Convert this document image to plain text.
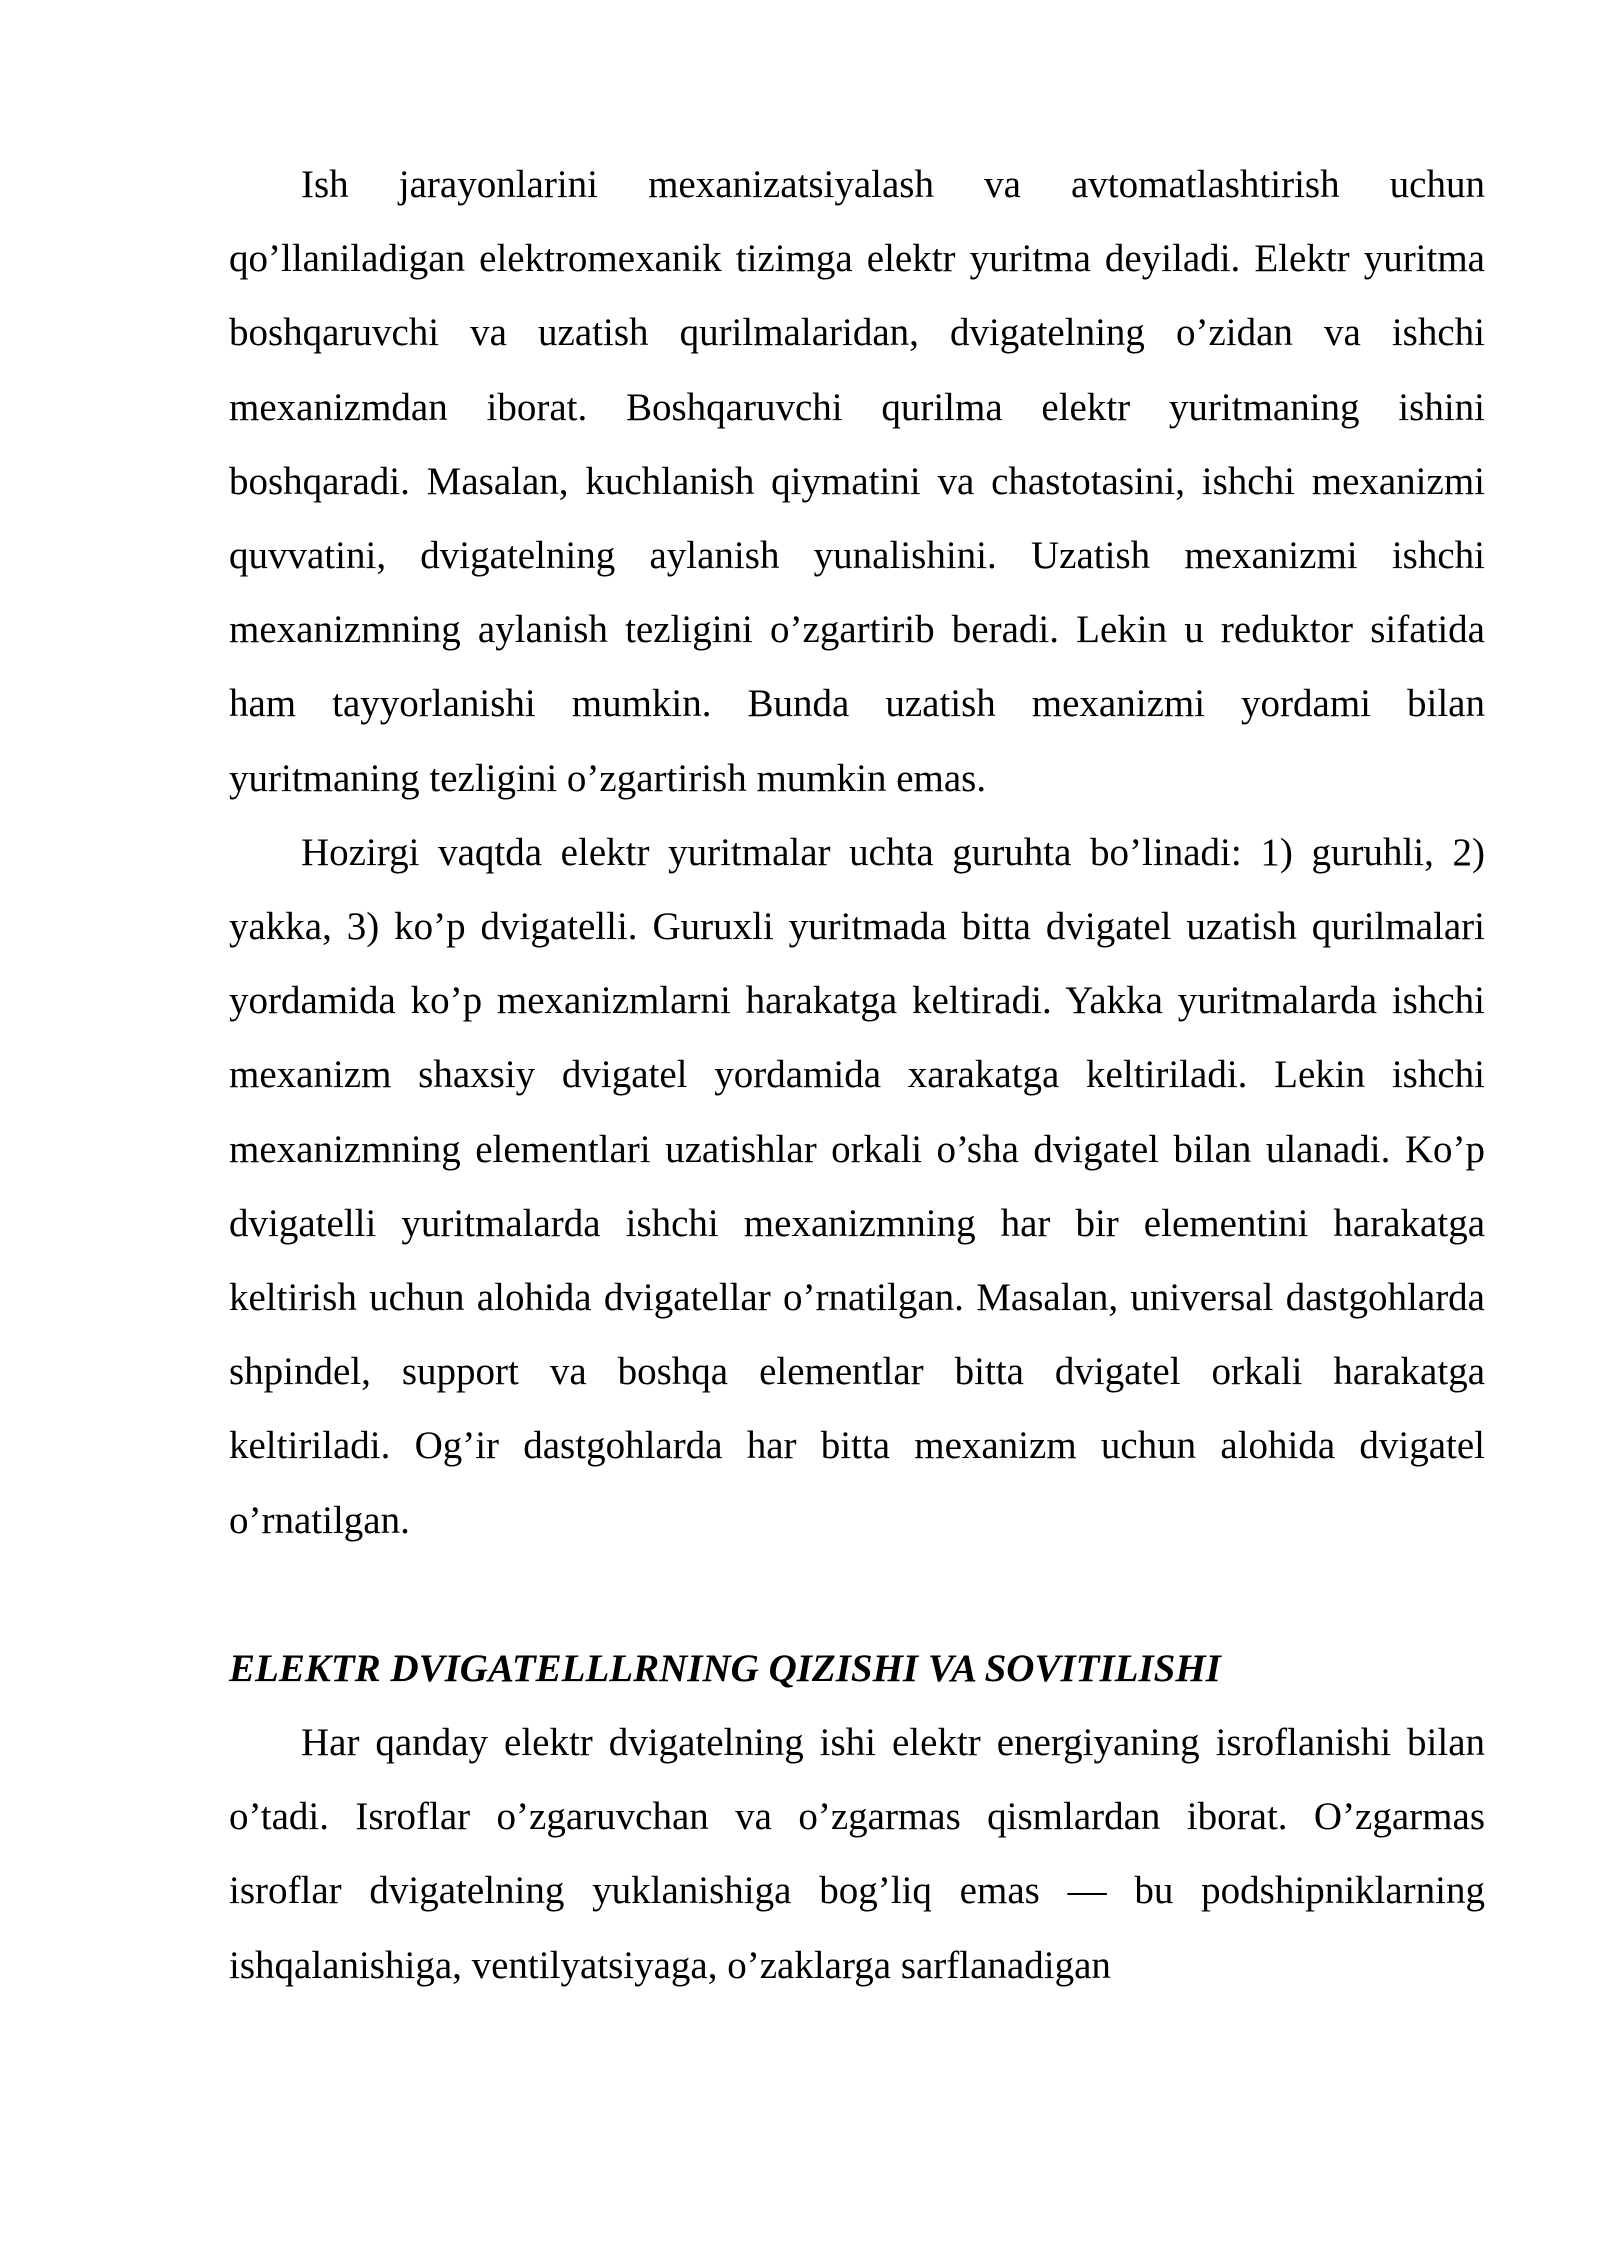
Ish jarayonlarini mexanizatsiyalash va avtomatlashtirish uchun qo’llaniladigan elektromexanik tizimga elektr yuritma deyiladi. Elektr yuritma boshqaruvchi va uzatish qurilmalaridan, dvigatelning o’zidan va ishchi mexanizmdan iborat. Boshqaruvchi qurilma elektr yuritmaning ishini boshqaradi. Masalan, kuchlanish qiymatini va chastotasini, ishchi mexanizmi quvvatini, dvigatelning aylanish yunalishini. Uzatish mexanizmi ishchi mexanizmning aylanish tezligini o’zgartirib beradi. Lekin u reduktor sifatida ham tayyorlanishi mumkin. Bunda uzatish mexanizmi yordami bilan yuritmaning tezligini o’zgartirish mumkin emas.

Hozirgi vaqtda elektr yuritmalar uchta guruhta bo’linadi: 1) guruhli, 2) yakka, 3) ko’p dvigatelli. Guruxli yuritmada bitta dvigatel uzatish qurilmalari yordamida ko’p mexanizmlarni harakatga keltiradi. Yakka yuritmalarda ishchi mexanizm shaxsiy dvigatel yordamida xarakatga keltiriladi. Lekin ishchi mexanizmning elementlari uzatishlar orkali o’sha dvigatel bilan ulanadi. Ko’p dvigatelli yuritmalarda ishchi mexanizmning har bir elementini harakatga keltirish uchun alohida dvigatellar o’rnatilgan. Masalan, universal dastgohlarda shpindel, support va boshqa elementlar bitta dvigatel orkali harakatga keltiriladi. Og’ir dastgohlarda har bitta mexanizm uchun alohida dvigatel o’rnatilgan.

ELEKTR DVIGATELLLRNING QIZISHI VA SOVITILISHI

Har qanday elektr dvigatelning ishi elektr energiyaning isroflanishi bilan o’tadi. Isroflar o’zgaruvchan va o’zgarmas qismlardan iborat. O’zgarmas isroflar dvigatelning yuklanishiga bog’liq emas — bu podshipniklarning ishqalanishiga, ventilyatsiyaga, o’zaklarga sarflanadigan
